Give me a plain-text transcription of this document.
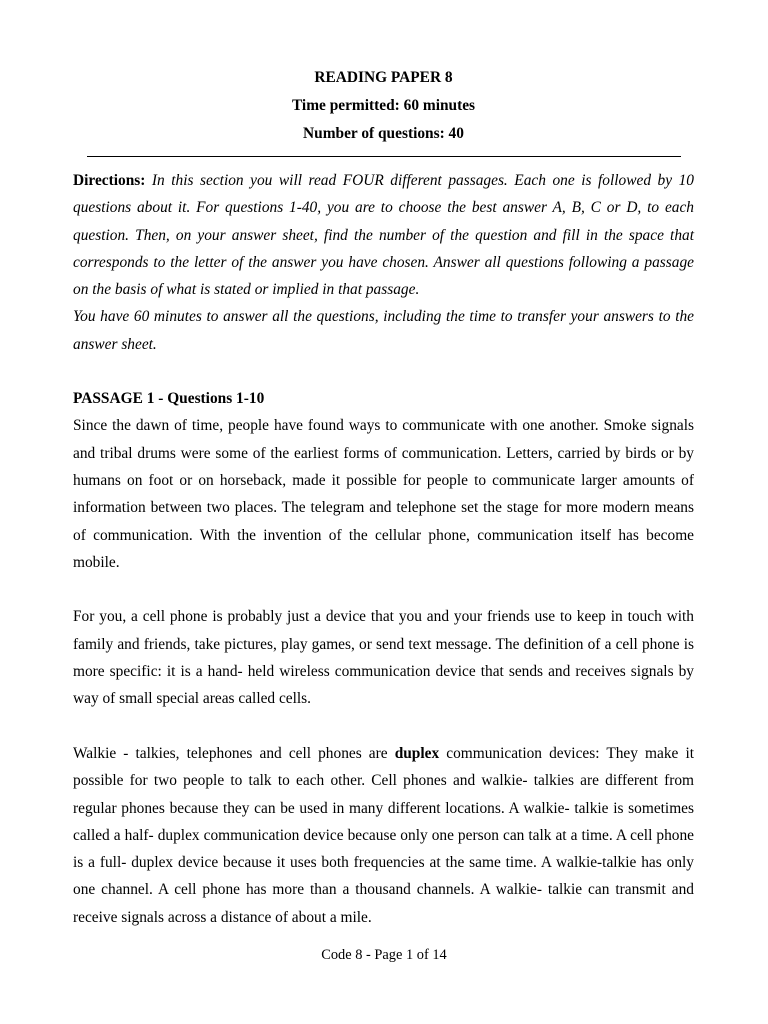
READING PAPER 8

Time permitted: 60 minutes

Number of questions: 40

Directions: In this section you will read FOUR different passages. Each one is followed by 10 questions about it. For questions 1-40, you are to choose the best answer A, B, C or D, to each question. Then, on your answer sheet, find the number of the question and fill in the space that corresponds to the letter of the answer you have chosen. Answer all questions following a passage on the basis of what is stated or implied in that passage.

You have 60 minutes to answer all the questions, including the time to transfer your answers to the answer sheet.

PASSAGE 1 - Questions 1-10

Since the dawn of time, people have found ways to communicate with one another. Smoke signals and tribal drums were some of the earliest forms of communication. Letters, carried by birds or by humans on foot or on horseback, made it possible for people to communicate larger amounts of information between two places. The telegram and telephone set the stage for more modern means of communication. With the invention of the cellular phone, communication itself has become mobile.

For you, a cell phone is probably just a device that you and your friends use to keep in touch with family and friends, take pictures, play games, or send text message. The definition of a cell phone is more specific: it is a hand- held wireless communication device that sends and receives signals by way of small special areas called cells.

Walkie - talkies, telephones and cell phones are duplex communication devices: They make it possible for two people to talk to each other. Cell phones and walkie- talkies are different from regular phones because they can be used in many different locations. A walkie- talkie is sometimes called a half- duplex communication device because only one person can talk at a time. A cell phone is a full- duplex device because it uses both frequencies at the same time. A walkie-talkie has only one channel. A cell phone has more than a thousand channels. A walkie- talkie can transmit and receive signals across a distance of about a mile.

Code 8 - Page 1 of 14
